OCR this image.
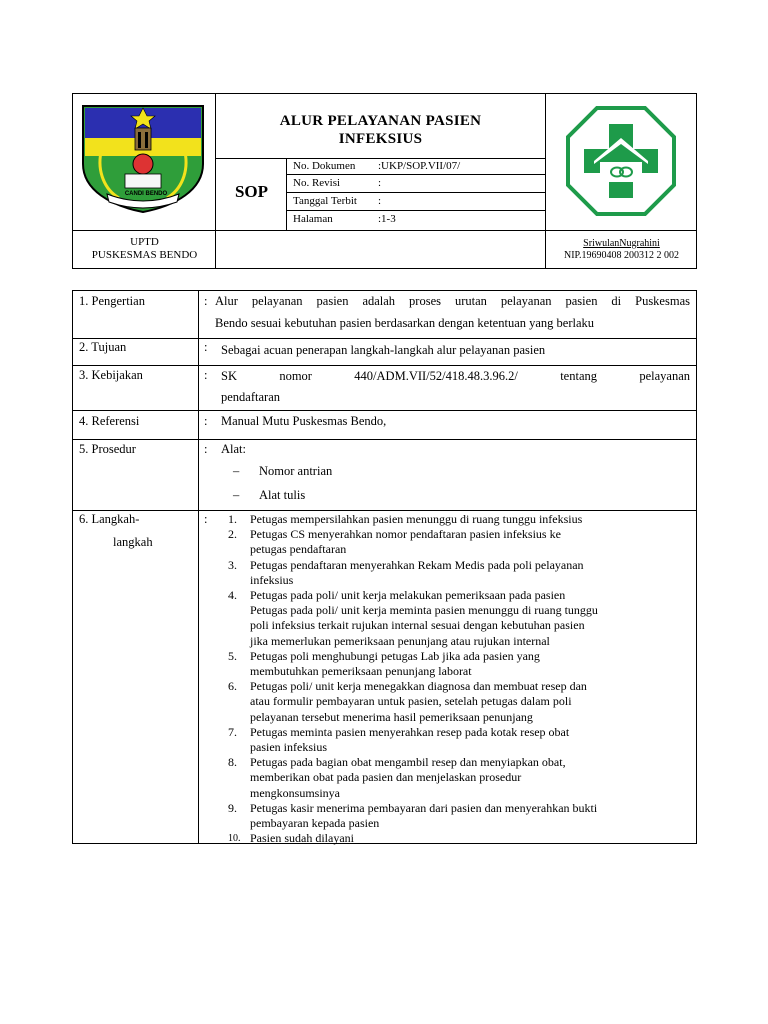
CANDI BENDO
ALUR PELAYANAN PASIEN
INFEKSIUS
SOP
No. Dokumen :UKP/SOP.VII/07/
No. Revisi	:
Tanggal Terbit :
Halaman	:1-3
UPTD
PUSKESMAS BENDO
SriwulanNugrahini
NIP.19690408 200312 2 002
1. Pengertian	: Alur pelayanan pasien adalah proses urutan pelayanan pasien di Puskesmas
Bendo sesuai kebutuhan pasien berdasarkan dengan ketentuan yang berlaku
2. Tujuan	: Sebagai acuan penerapan langkah-langkah alur pelayanan pasien
3. Kebijakan	: SK nomor 440/ADM.VII/52/418.48.3.96.2/ tentang pelayanan
pendaftaran
4. Referensi	: Manual Mutu Puskesmas Bendo,
5. Prosedur	: Alat:
– Nomor antrian
– Alat tulis
6. Langkah-
langkah
: 1.	Petugas mempersilahkan pasien menunggu di ruang tunggu infeksius
2.	Petugas CS menyerahkan nomor pendaftaran pasien infeksius ke
petugas pendaftaran
3.	Petugas pendaftaran menyerahkan Rekam Medis pada poli pelayanan
infeksius
4.	Petugas pada poli/ unit kerja melakukan pemeriksaan pada pasien
Petugas pada poli/ unit kerja meminta pasien menunggu di ruang tunggu
poli infeksius terkait rujukan internal sesuai dengan kebutuhan pasien
jika memerlukan pemeriksaan penunjang atau rujukan internal
5.	Petugas poli menghubungi petugas Lab jika ada pasien yang
membutuhkan pemeriksaan penunjang laborat
6.	Petugas poli/ unit kerja menegakkan diagnosa dan membuat resep dan
atau formulir pembayaran untuk pasien, setelah petugas dalam poli
pelayanan tersebut menerima hasil pemeriksaan penunjang
7.	Petugas meminta pasien menyerahkan resep pada kotak resep obat
pasien infeksius
8.	Petugas pada bagian obat mengambil resep dan menyiapkan obat,
memberikan obat pada pasien dan menjelaskan prosedur
mengkonsumsinya
9.	Petugas kasir menerima pembayaran dari pasien dan menyerahkan bukti
pembayaran kepada pasien
10. Pasien sudah dilayani
